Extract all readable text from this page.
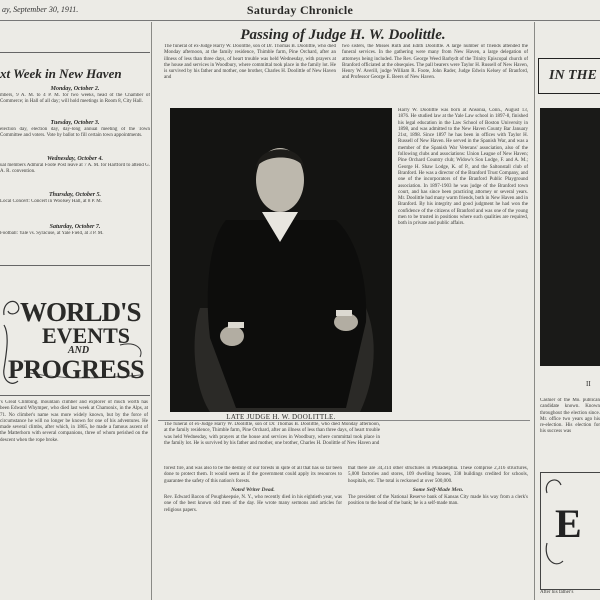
ay, September 30, 1911.	Saturday Chronicle
xt Week in New Haven
Monday, October 2.
mbers, 9 A. M. to 4 P. M. for two weeks, head of the Chamber of Commerce; in Hall of all day; will hold meetings in Room 8, City Hall.
Tuesday, October 3.
election day, election day, day-long annual meeting of the Town Committee and voters. Vote by ballot to fill certain town appointments.
Wednesday, October 4.
ual members Admiral Foote Post leave at 7 A. M. for Hartford to attend G. A. R. convention.
Thursday, October 5.
Local Concert: Concert in Woolsey Hall, at 8 P. M.
Saturday, October 7.
Football: Yale vs. Syracuse, at Yale Field, at 3 P. M.
WORLD'S
EVENTS
AND
PROGRESS
's Great Climbing. mountain climber and explorer of much worth has been Edward Whymper, who died last week at Chamonix, in the Alps, at 71. No climber's name was more widely known, but by the force of circumstance he will no longer be known for one of his adventures. He made several climbs, after which, in 1865, he made a famous ascent of the Matterhorn with several companions, three of whom perished on the descent when the rope broke.
Passing of Judge H. W. Doolittle.
The funeral of ex-Judge Harry W. Doolittle, son of Dr. Thomas B. Doolittle, who died Monday afternoon, at the family residence, Thimble farm, Pine Orchard, after an illness of less than three days, of heart trouble was held Wednesday, with prayers at the house and services in Woodbury, where committal took place in the family lot. He is survived by his father and mother, one brother, Charles H. Doolittle of New Haven and
two sisters, the Misses Ruth and Edith Doolittle. A large number of friends attended the funeral services. In the gathering were many from New Haven, a large delegation of attorneys being included. The Rev. George Weed Barhydt of the Trinity Episcopal church of Branford officiated at the obsequies. The pall bearers were Taylor H. Russell of New Haven, Henry W. Averill, judge William R. Foote, John Rader, Judge Edwin Kelsey of Branford, and Professor George E. Beers of New Haven.
LATE JUDGE H. W. DOOLITTLE.
Harry W. Doolittle was born at Ansonia, Conn., August 13, 1876. He studied law at the Yale Law school in 1897-8, finished his legal education in the Law School of Boston University in 1898, and was admitted to the New Haven County Bar January 21st, 1898. Since 1897 he has been in offices with Taylor H. Russell of New Haven. He served in the Spanish War, and was a member of the Spanish War Veterans' association, also of the following clubs and associations: Union League of New Haven; Pine Orchard Country club; Widow's Son Lodge, F. and A. M.; George H. Shaw Lodge, K. of P., and the Saltonstall club of Branford. He was a director of the Branford Trust Company, and one of the incorporators of the Branford Public Playground association. In 1897-1903 he was judge of the Branford town court, and has since been practicing attorney or several years. Mr. Doolittle had many warm friends, both in New Haven and in Branford. By his integrity and good judgment he had won the confidence of the citizens of Branford and was one of the young men to be trusted in positions where such qualities are required, both in private and public affairs.
The funeral of ex-Judge Harry W. Doolittle, son of Dr. Thomas B. Doolittle, who died Monday afternoon, at the family residence, Thimble farm, Pine Orchard, after an illness of less than three days, of heart trouble was held Wednesday, with prayers at the house and services in Woodbury, where committal took place in the family lot. He is survived by his father and mother, one brother, Charles H. Doolittle of New Haven and
forest fire, and was also to be the destiny of our forests in spite of all that has so far been done to protect them. It would seem as if the government could apply its resources to guarantee the safety of this nation's forests.
Noted Writer Dead.
Rev. Edward Bacon of Poughkeepsie, N. Y., who recently died in his eightieth year, was one of the best known old men of the day. He wrote many sermons and articles for religious papers.
that there are 34,314 other structures in Philadelphia. These comprise 2,316 structures, 5,000 factories and stores, 109 dwelling houses, 338 buildings credited for schools, hospitals, etc. The total is reckoned at over 500,000.
Some Self-Made Men.
The president of the National Reserve bank of Kansas City made his way from a clerk's position to the head of the bank; he is a self-made man.
IN THE
II
Cashier of the Mo. publican candidate known. Known throughout the election since. Mr. office two years ago his re-election. His election for his success was
E
After his father's
